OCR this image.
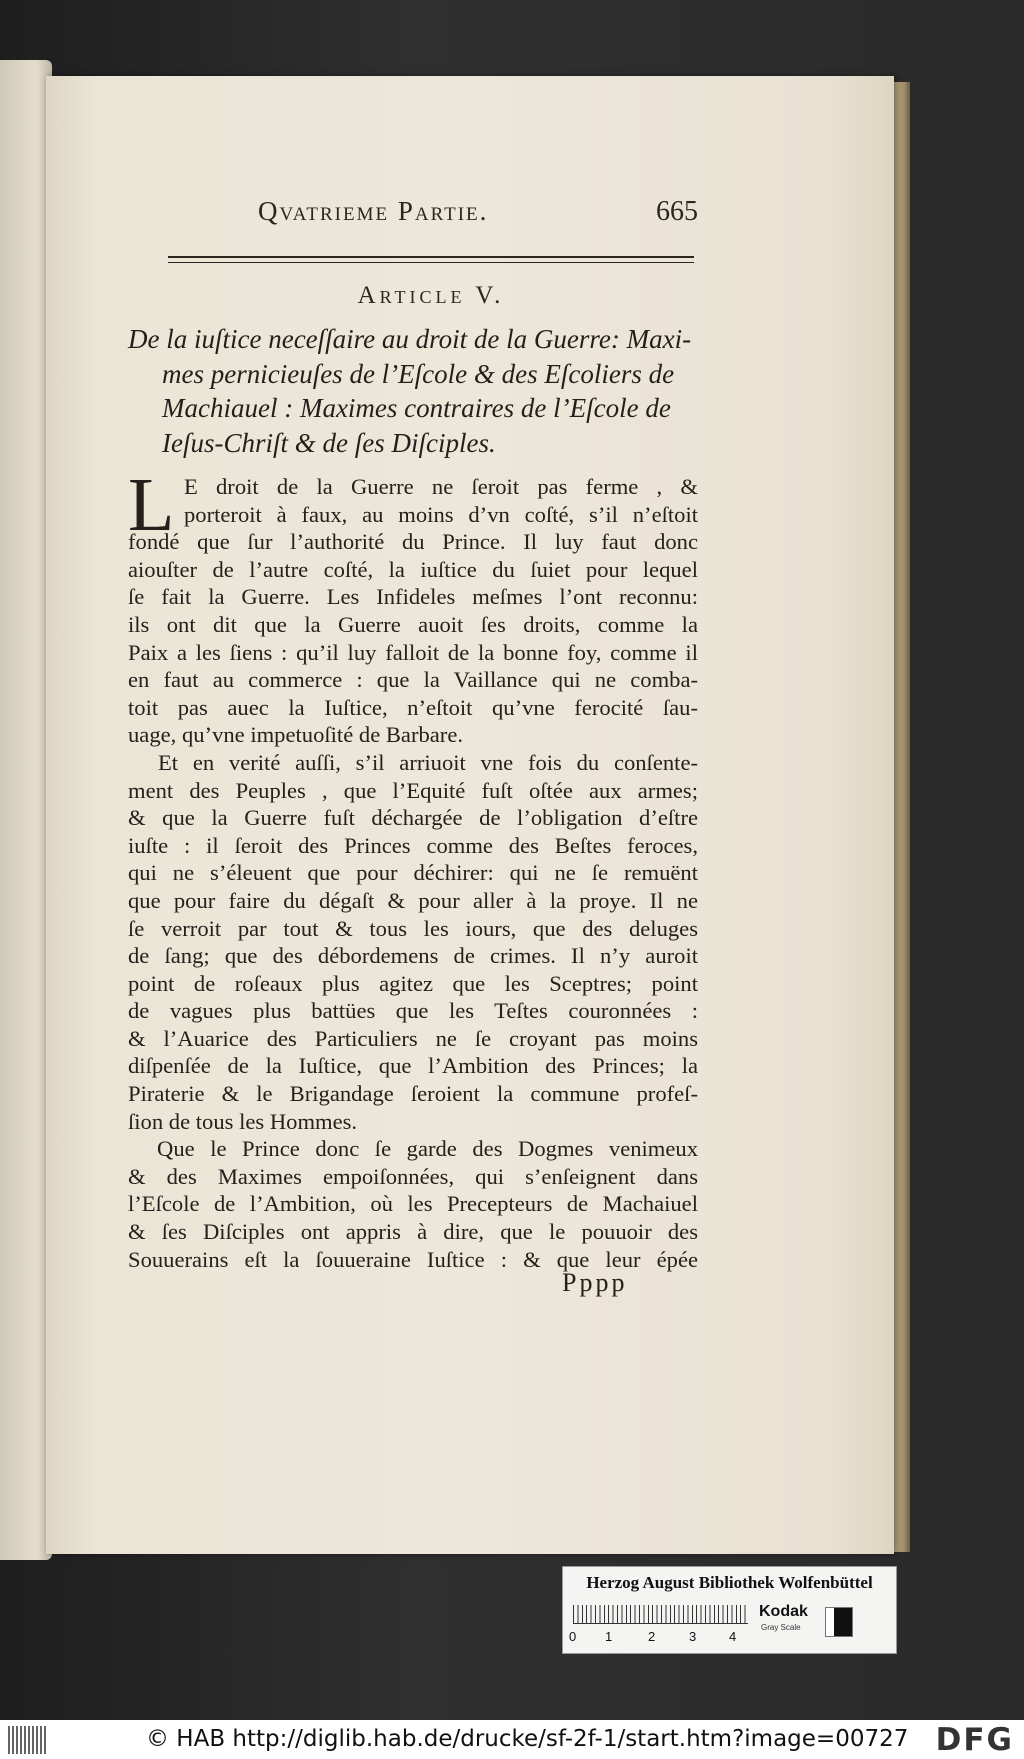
Qvatrieme Partie.	665
Article V.
De la iuſtice neceſſaire au droit de la Guerre: Maxi-
mes pernicieuſes de l’Eſcole & des Eſcoliers de
Machiauel : Maximes contraires de l’Eſcole de
Ieſus-Chriſt & de ſes Diſciples.
L E droit de la Guerre ne ſeroit pas ferme , &
porteroit à faux, au moins d’vn coſté, s’il n’eſtoit
fondé que ſur l’authorité du Prince. Il luy faut donc
aiouſter de l’autre coſté, la iuſtice du ſuiet pour lequel
ſe fait la Guerre. Les Infideles meſmes l’ont reconnu:
ils ont dit que la Guerre auoit ſes droits, comme la
Paix a les ſiens : qu’il luy falloit de la bonne foy, comme il
en faut au commerce : que la Vaillance qui ne comba-
toit pas auec la Iuſtice, n’eſtoit qu’vne ferocité ſau-
uage, qu’vne impetuoſité de Barbare.
Et en verité auſſi, s’il arriuoit vne fois du conſente-
ment des Peuples , que l’Equité fuſt oſtée aux armes;
& que la Guerre fuſt déchargée de l’obligation d’eſtre
iuſte : il ſeroit des Princes comme des Beſtes feroces,
qui ne s’éleuent que pour déchirer: qui ne ſe remuënt
que pour faire du dégaſt & pour aller à la proye. Il ne
ſe verroit par tout & tous les iours, que des deluges
de ſang; que des débordemens de crimes. Il n’y auroit
point de roſeaux plus agitez que les Sceptres; point
de vagues plus battües que les Teſtes couronnées :
& l’Auarice des Particuliers ne ſe croyant pas moins
diſpenſée de la Iuſtice, que l’Ambition des Princes; la
Piraterie & le Brigandage ſeroient la commune profeſ-
ſion de tous les Hommes.
Que le Prince donc ſe garde des Dogmes venimeux
& des Maximes empoiſonnées, qui s’enſeignent dans
l’Eſcole de l’Ambition, où les Precepteurs de Machaiuel
& ſes Diſciples ont appris à dire, que le pouuoir des
Souuerains eſt la ſouueraine Iuſtice : & que leur épée
Pppp
Herzog August Bibliothek Wolfenbüttel
0 1	2	3	4
Kodak
Gray Scale
© HAB http://diglib.hab.de/drucke/sf-2f-1/start.htm?image=00727 DFG
